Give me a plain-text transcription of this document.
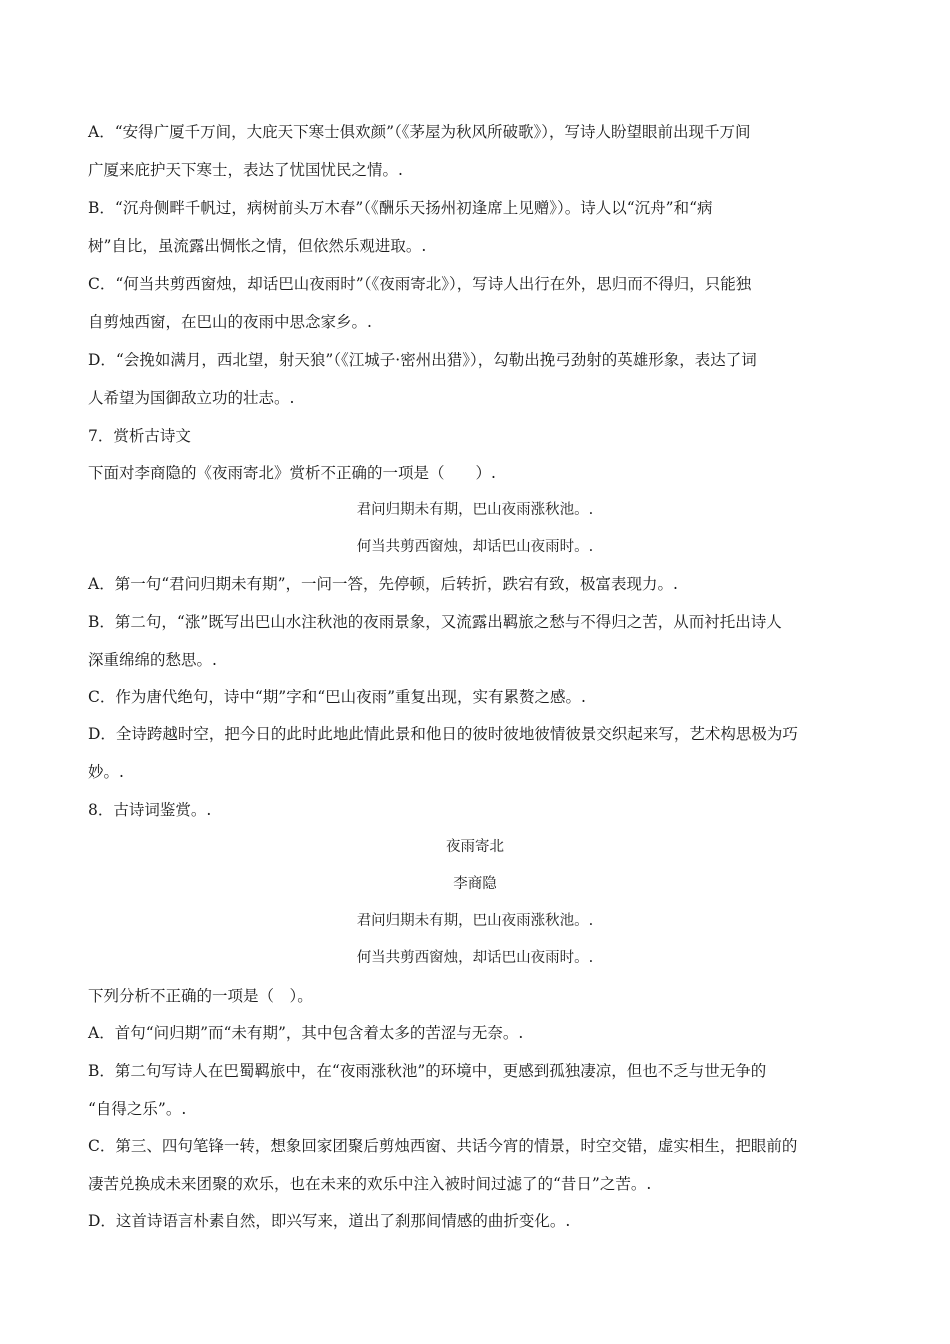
A．“安得广厦千万间，大庇天下寒士俱欢颜”（《茅屋为秋风所破歌》），写诗人盼望眼前出现千万间
广厦来庇护天下寒士，表达了忧国忧民之情。.
B．“沉舟侧畔千帆过，病树前头万木春”（《酬乐天扬州初逢席上见赠》）。诗人以“沉舟”和“病
树”自比，虽流露出惆怅之情，但依然乐观进取。.
C．“何当共剪西窗烛，却话巴山夜雨时”（《夜雨寄北》），写诗人出行在外，思归而不得归，只能独
自剪烛西窗，在巴山的夜雨中思念家乡。.
D．“会挽如满月，西北望，射天狼”（《江城子·密州出猎》），勾勒出挽弓劲射的英雄形象，表达了词
人希望为国御敌立功的壮志。.
7．赏析古诗文
下面对李商隐的《夜雨寄北》赏析不正确的一项是（　　）.
君问归期未有期，巴山夜雨涨秋池。.
何当共剪西窗烛，却话巴山夜雨时。.
A．第一句“君问归期未有期”，一问一答，先停顿，后转折，跌宕有致，极富表现力。.
B．第二句，“涨”既写出巴山水注秋池的夜雨景象，又流露出羁旅之愁与不得归之苦，从而衬托出诗人
深重绵绵的愁思。.
C．作为唐代绝句，诗中“期”字和“巴山夜雨”重复出现，实有累赘之感。.
D．全诗跨越时空，把今日的此时此地此情此景和他日的彼时彼地彼情彼景交织起来写，艺术构思极为巧
妙。.
8．古诗词鉴赏。.
夜雨寄北
李商隐
君问归期未有期，巴山夜雨涨秋池。.
何当共剪西窗烛，却话巴山夜雨时。.
下列分析不正确的一项是（　）。
A．首句“问归期”而“未有期”，其中包含着太多的苦涩与无奈。.
B．第二句写诗人在巴蜀羁旅中，在“夜雨涨秋池”的环境中，更感到孤独凄凉，但也不乏与世无争的
“自得之乐”。.
C．第三、四句笔锋一转，想象回家团聚后剪烛西窗、共话今宵的情景，时空交错，虚实相生，把眼前的
凄苦兑换成未来团聚的欢乐，也在未来的欢乐中注入被时间过滤了的“昔日”之苦。.
D．这首诗语言朴素自然，即兴写来，道出了刹那间情感的曲折变化。.
